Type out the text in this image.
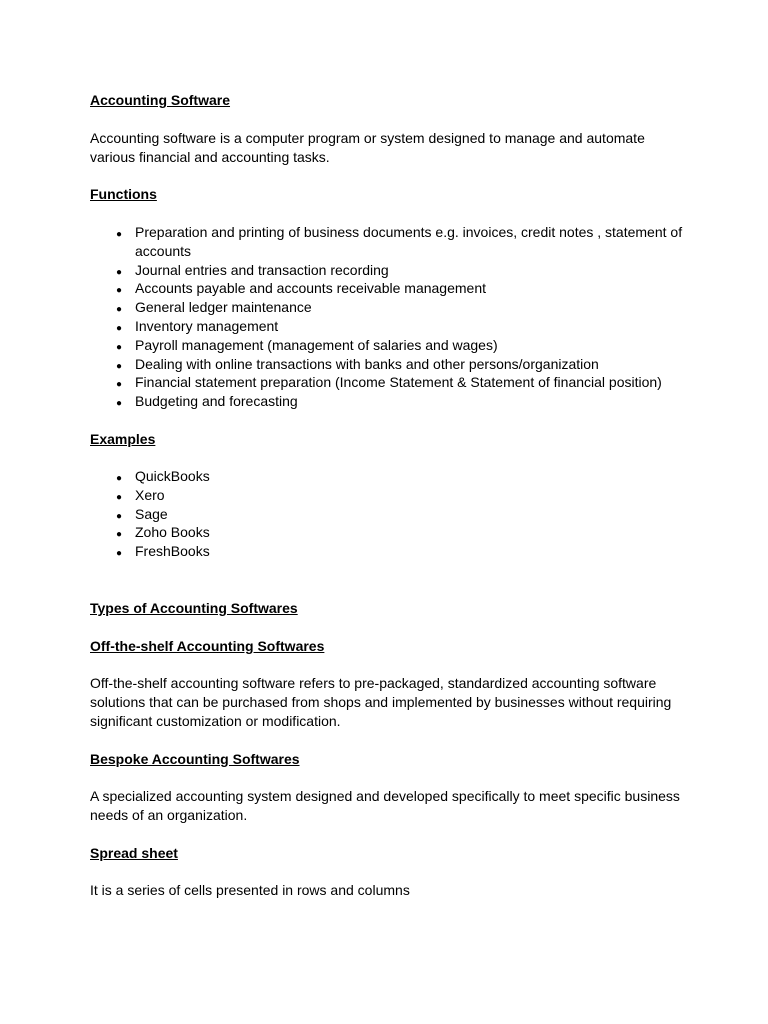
Accounting Software

Accounting software is a computer program or system designed to manage and automate various financial and accounting tasks.

Functions

●
Preparation and printing of business documents e.g. invoices, credit notes , statement of accounts
●
Journal entries and transaction recording
●
Accounts payable and accounts receivable management
●
General ledger maintenance
●
Inventory management
●
Payroll management (management of salaries and wages)
●
Dealing with online transactions with banks and other persons/organization
●
Financial statement preparation (Income Statement & Statement of financial position)
●
Budgeting and forecasting

Examples

●
QuickBooks
●
Xero
●
Sage
●
Zoho Books
●
FreshBooks

Types of Accounting Softwares

Off-the-shelf Accounting Softwares

Off-the-shelf accounting software refers to pre-packaged, standardized accounting software solutions that can be purchased from shops and implemented by businesses without requiring significant customization or modification.

Bespoke Accounting Softwares

A specialized accounting system designed and developed specifically to meet specific business needs of an organization.

Spread sheet

It is a series of cells presented in rows and columns
